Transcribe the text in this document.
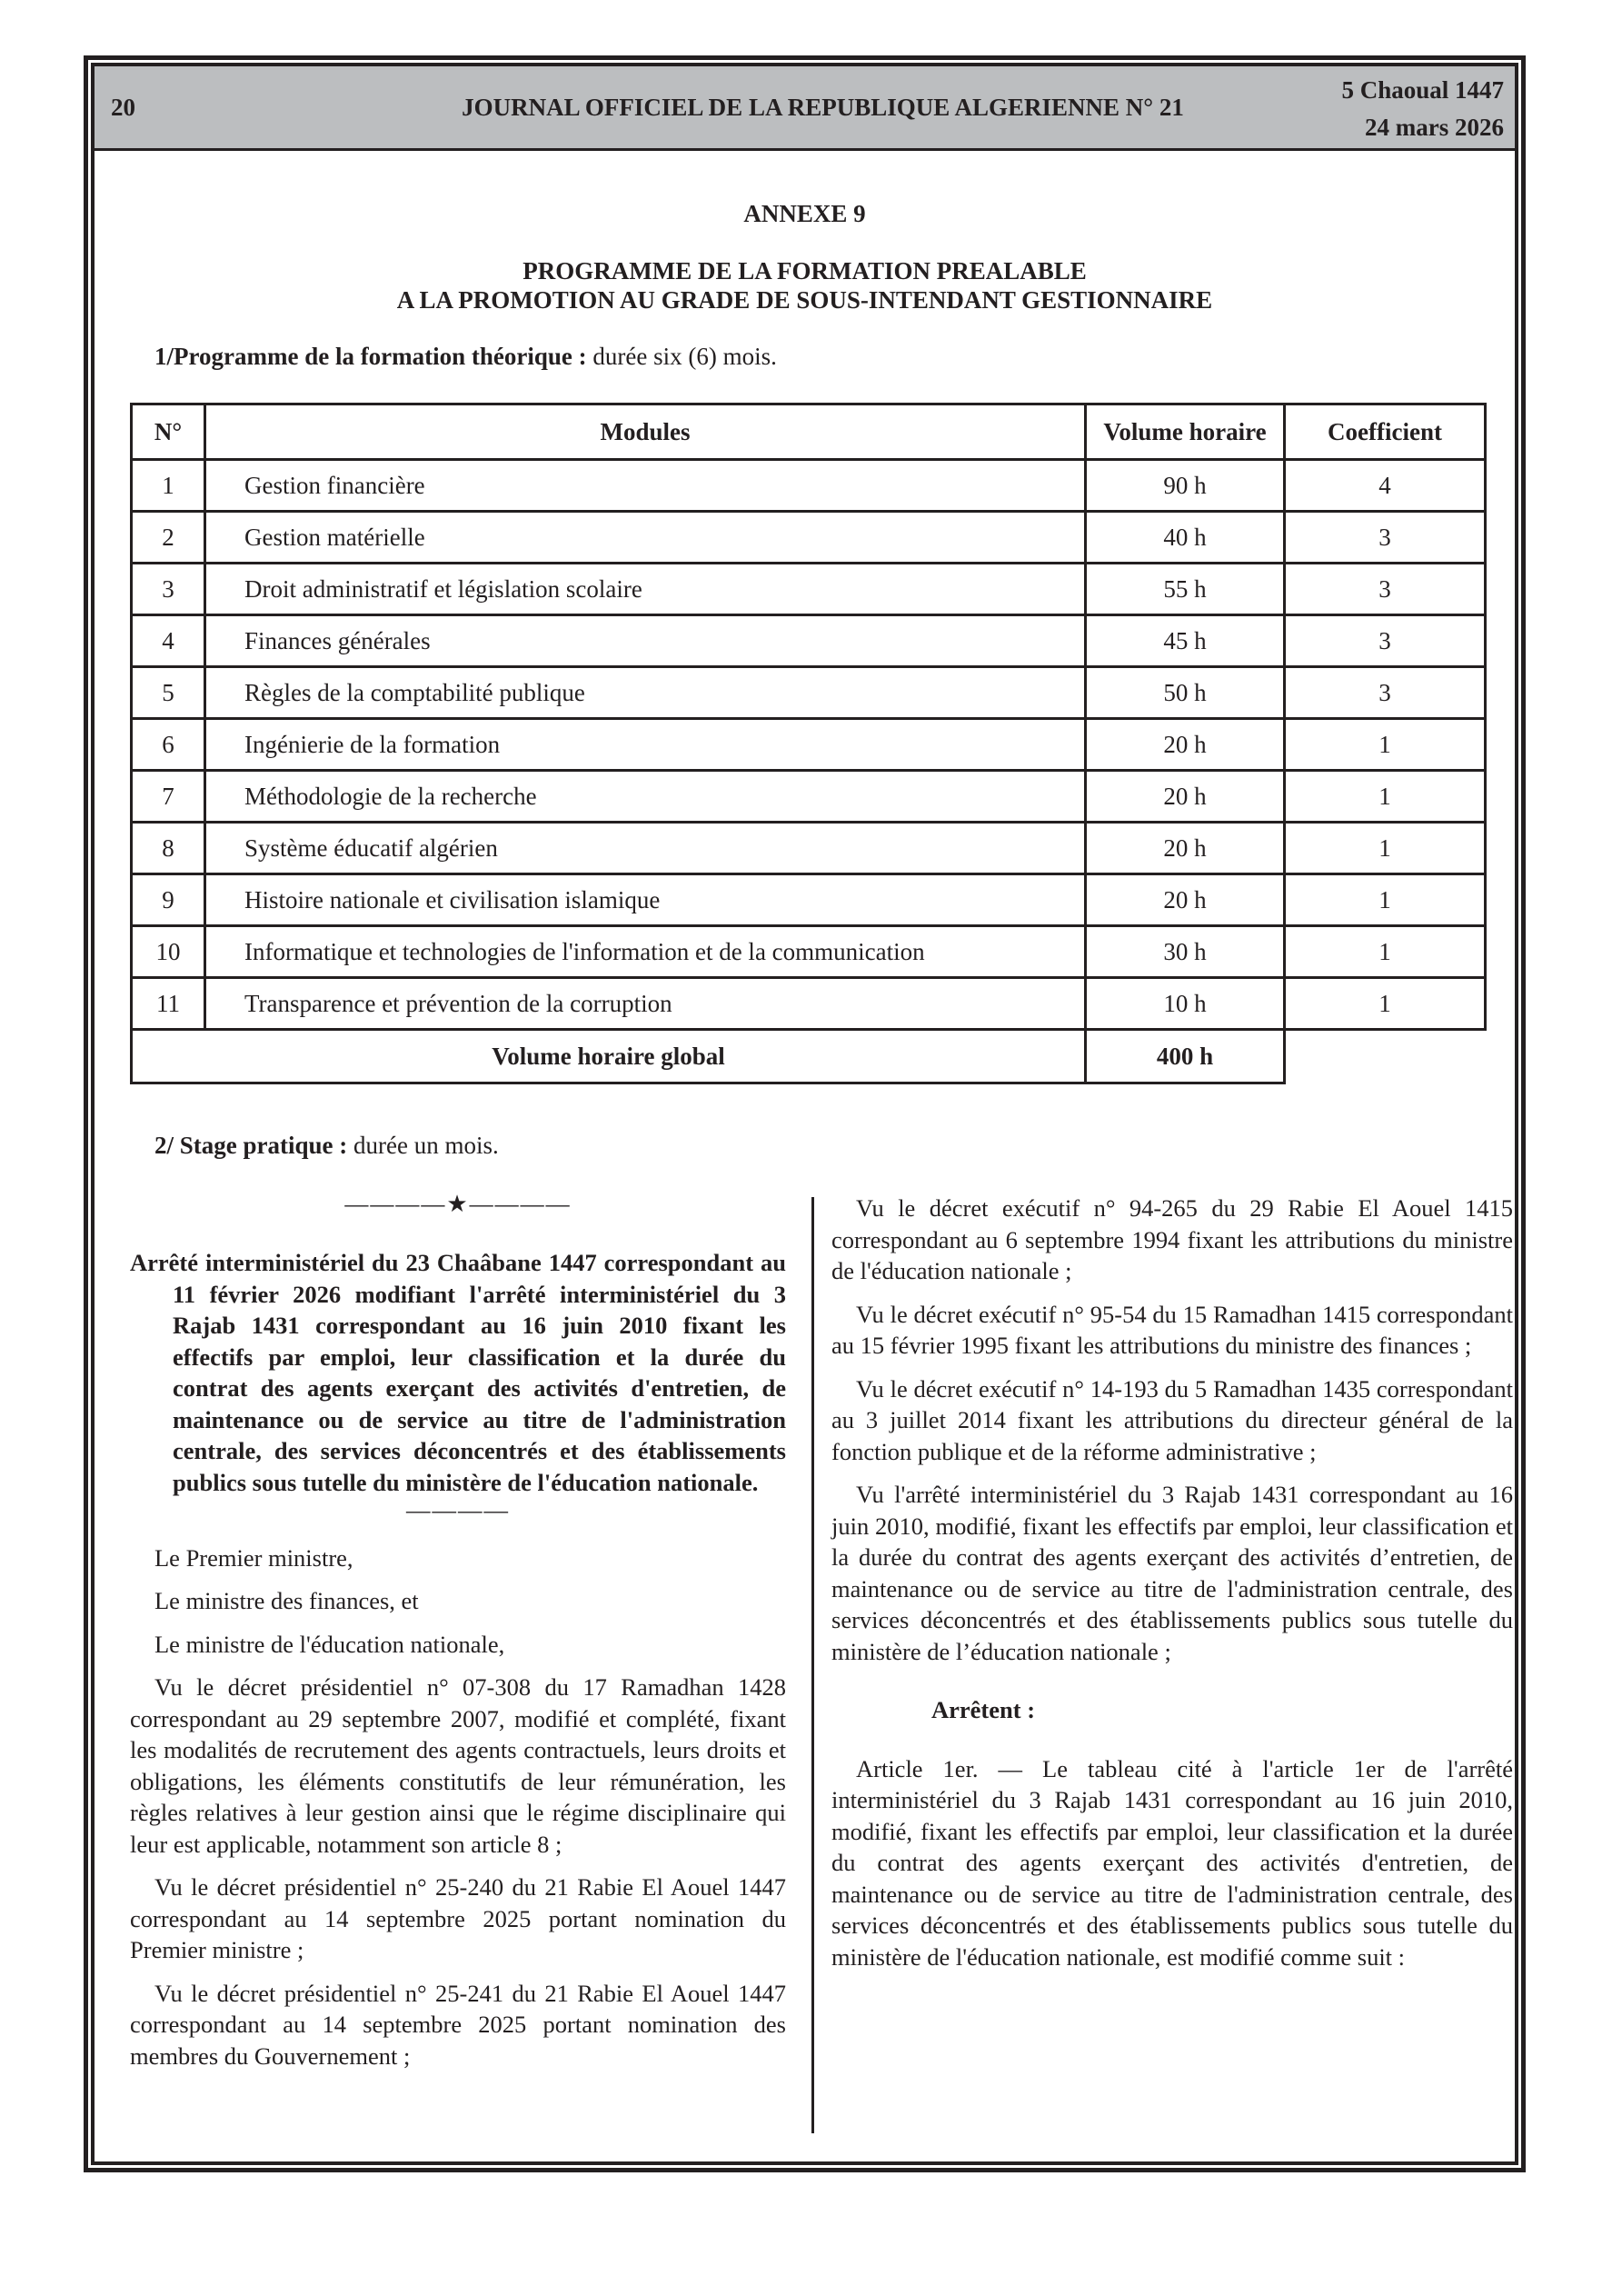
20	JOURNAL OFFICIEL DE LA REPUBLIQUE ALGERIENNE N° 21
5 Chaoual 1447
24 mars 2026
ANNEXE 9
PROGRAMME DE LA FORMATION PREALABLE
A LA PROMOTION AU GRADE DE SOUS-INTENDANT GESTIONNAIRE
1/Programme de la formation théorique : durée six (6) mois.
N°	Modules	Volume horaire	Coefficient
1	Gestion financière	90 h	4
2	Gestion matérielle	40 h	3
3	Droit administratif et législation scolaire	55 h	3
4	Finances générales	45 h	3
5	Règles de la comptabilité publique	50 h	3
6	Ingénierie de la formation	20 h	1
7	Méthodologie de la recherche	20 h	1
8	Système éducatif algérien	20 h	1
9	Histoire nationale et civilisation islamique	20 h	1
10	Informatique et technologies de l'information et de la communication	30 h	1
11	Transparence et prévention de la corruption	10 h	1
Volume horaire global		400 h	
2/ Stage pratique : durée un mois.
————★————

Arrêté interministériel du 23 Chaâbane 1447 correspondant au 11 février 2026 modifiant l'arrêté interministériel du 3 Rajab 1431 correspondant au 16 juin 2010 fixant les effectifs par emploi, leur classification et la durée du contrat des agents exerçant des activités d'entretien, de maintenance ou de service au titre de l'administration centrale, des services déconcentrés et des établissements publics sous tutelle du ministère de l'éducation nationale.

————

Le Premier ministre,

Le ministre des finances, et

Le ministre de l'éducation nationale,

Vu le décret présidentiel n° 07-308 du 17 Ramadhan 1428 correspondant au 29 septembre 2007, modifié et complété, fixant les modalités de recrutement des agents contractuels, leurs droits et obligations, les éléments constitutifs de leur rémunération, les règles relatives à leur gestion ainsi que le régime disciplinaire qui leur est applicable, notamment son article 8 ;

Vu le décret présidentiel n° 25-240 du 21 Rabie El Aouel 1447 correspondant au 14 septembre 2025 portant nomination du Premier ministre ;

Vu le décret présidentiel n° 25-241 du 21 Rabie El Aouel 1447 correspondant au 14 septembre 2025 portant nomination des membres du Gouvernement ;

Vu le décret exécutif n° 94-265 du 29 Rabie El Aouel 1415 correspondant au 6 septembre 1994 fixant les attributions du ministre de l'éducation nationale ;

Vu le décret exécutif n° 95-54 du 15 Ramadhan 1415 correspondant au 15 février 1995 fixant les attributions du ministre des finances ;

Vu le décret exécutif n° 14-193 du 5 Ramadhan 1435 correspondant au 3 juillet 2014 fixant les attributions du directeur général de la fonction publique et de la réforme administrative ;

Vu l'arrêté interministériel du 3 Rajab 1431 correspondant au 16 juin 2010, modifié, fixant les effectifs par emploi, leur classification et la durée du contrat des agents exerçant des activités d’entretien, de maintenance ou de service au titre de l'administration centrale, des services déconcentrés et des établissements publics sous tutelle du ministère de l’éducation nationale ;

Arrêtent :

Article 1er. — Le tableau cité à l'article 1er de l'arrêté interministériel du 3 Rajab 1431 correspondant au 16 juin 2010, modifié, fixant les effectifs par emploi, leur classification et la durée du contrat des agents exerçant des activités d'entretien, de maintenance ou de service au titre de l'administration centrale, des services déconcentrés et des établissements publics sous tutelle du ministère de l'éducation nationale, est modifié comme suit :
